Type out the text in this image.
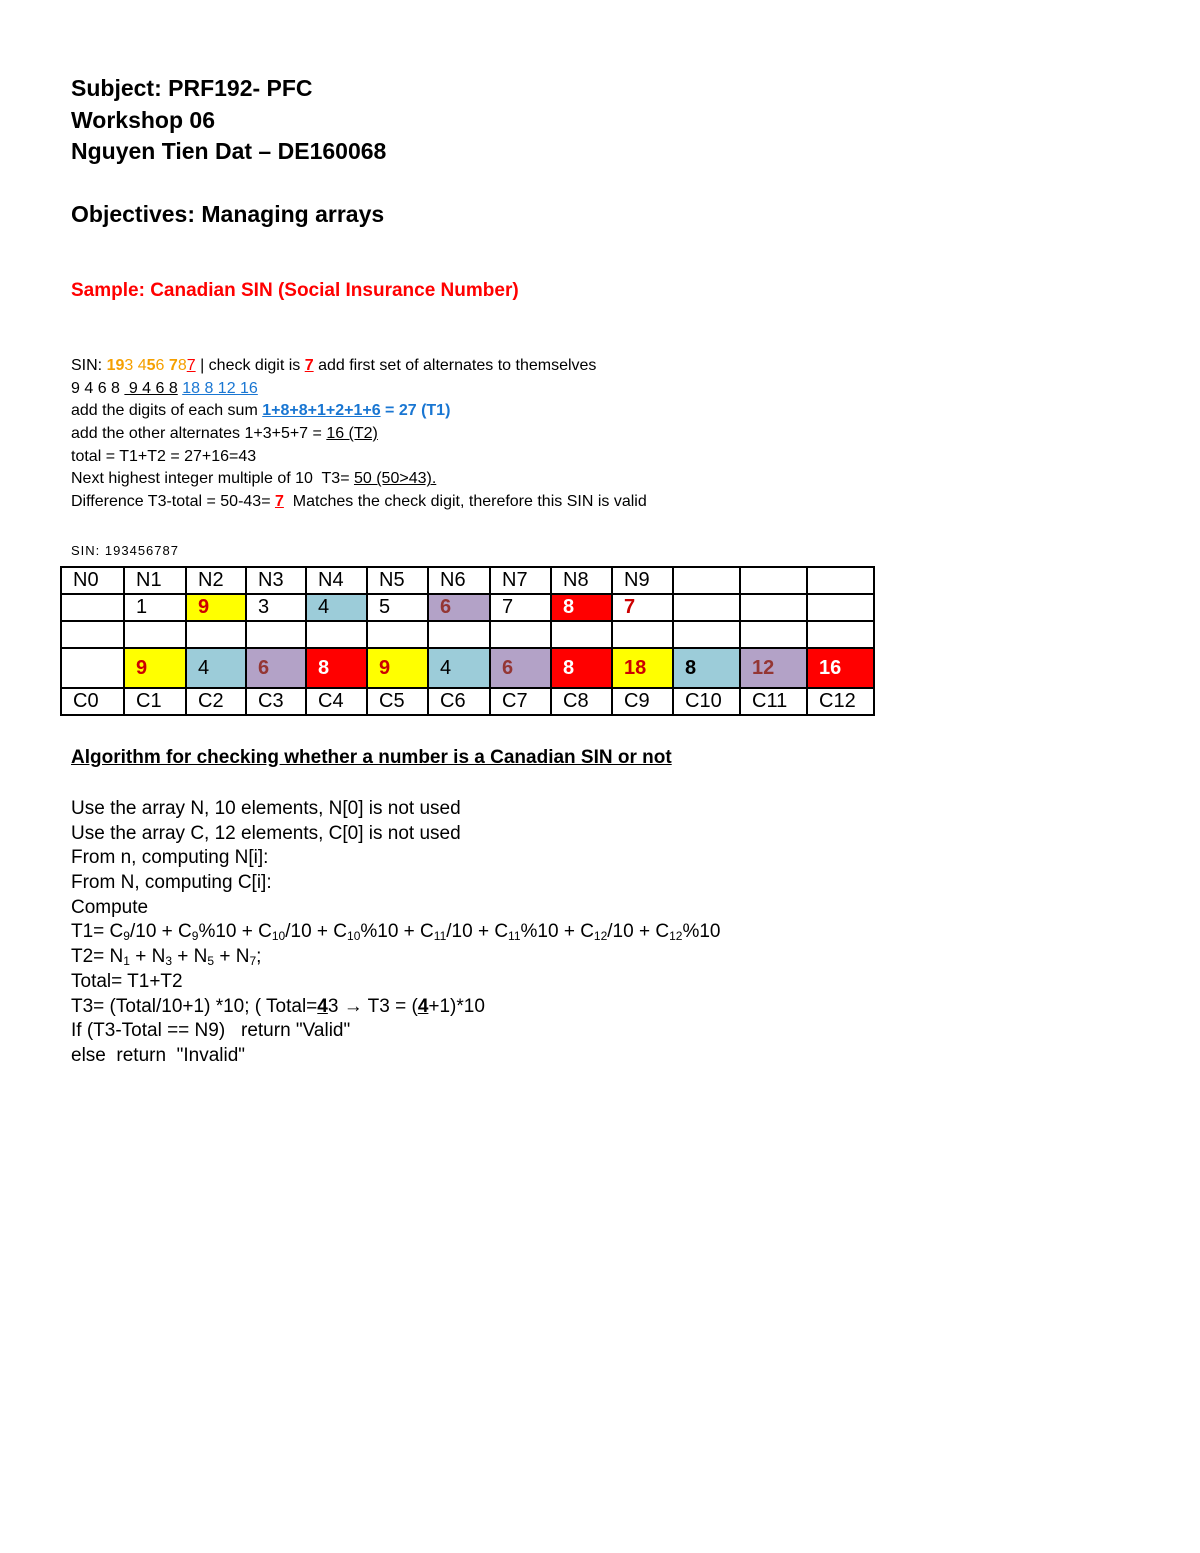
Subject: PRF192- PFC
Workshop 06
Nguyen Tien Dat – DE160068
Objectives: Managing arrays
Sample: Canadian SIN (Social Insurance Number)
SIN: 193 456 787 | check digit is 7 add first set of alternates to themselves
9 4 6 8  9 4 6 8 18 8 12 16
add the digits of each sum 1+8+8+1+2+1+6 = 27 (T1)
add the other alternates 1+3+5+7 = 16 (T2)
total = T1+T2 = 27+16=43
Next highest integer multiple of 10  T3= 50 (50>43).
Difference T3-total = 50-43= 7  Matches the check digit, therefore this SIN is valid
SIN: 193456787
N0	N1	N2	N3	N4	N5	N6	N7	N8	N9			
	1	9	3	4	5	6	7	8	7			

	9	4	6	8	9	4	6	8	18	8	12	16
C0	C1	C2	C3	C4	C5	C6	C7	C8	C9	C10	C11	C12
Algorithm for checking whether a number is a Canadian SIN or not
Use the array N, 10 elements, N[0] is not used
Use the array C, 12 elements, C[0] is not used
From n, computing N[i]:
From N, computing C[i]:
Compute
$T1= C_9/10 + C_9\%10 + C_{10}/10 + C_{10}\%10 + C_{11}/10 + C_{11}\%10 + C_{12}/10 + C_{12}\%10$
$T2= N_1 + N_3 + N_5 + N_7$;
Total= T1+T2
T3= (Total/10+1) *10; ( Total=43 → T3 = (4+1)*10
If (T3-Total == N9)   return "Valid"
else  return  "Invalid"
